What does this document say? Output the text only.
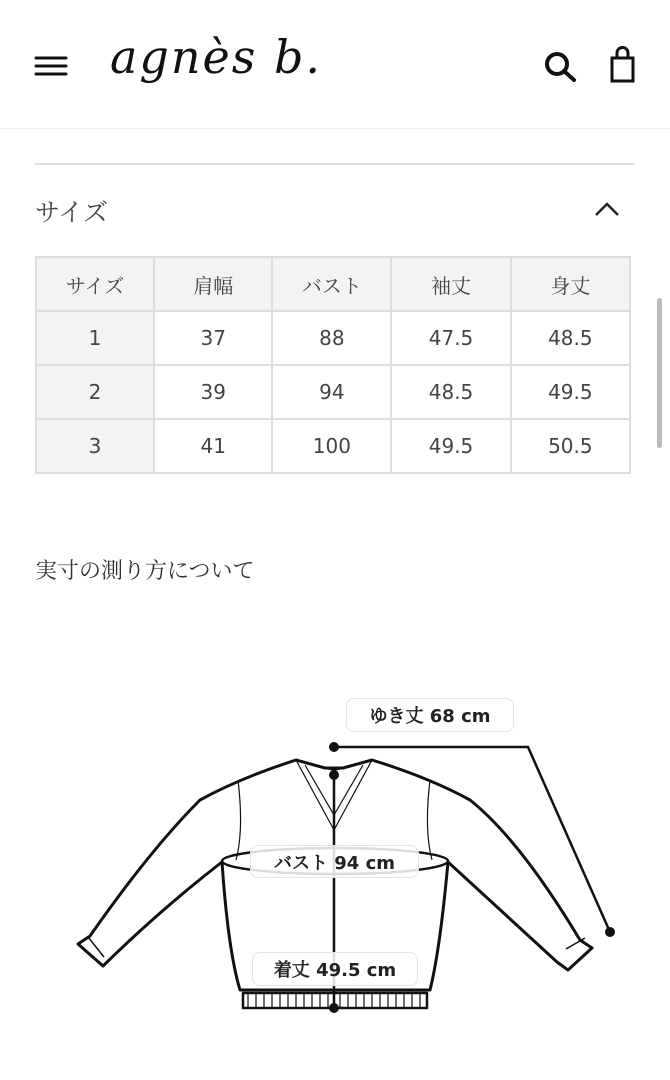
agnès b.
サイズ
サイズ	肩幅	バスト	袖丈	身丈
1	37	88	47.5	48.5
2	39	94	48.5	49.5
3	41	100	49.5	50.5
実寸の測り方について
ゆき丈 68 cm
バスト 94 cm
着丈 49.5 cm
